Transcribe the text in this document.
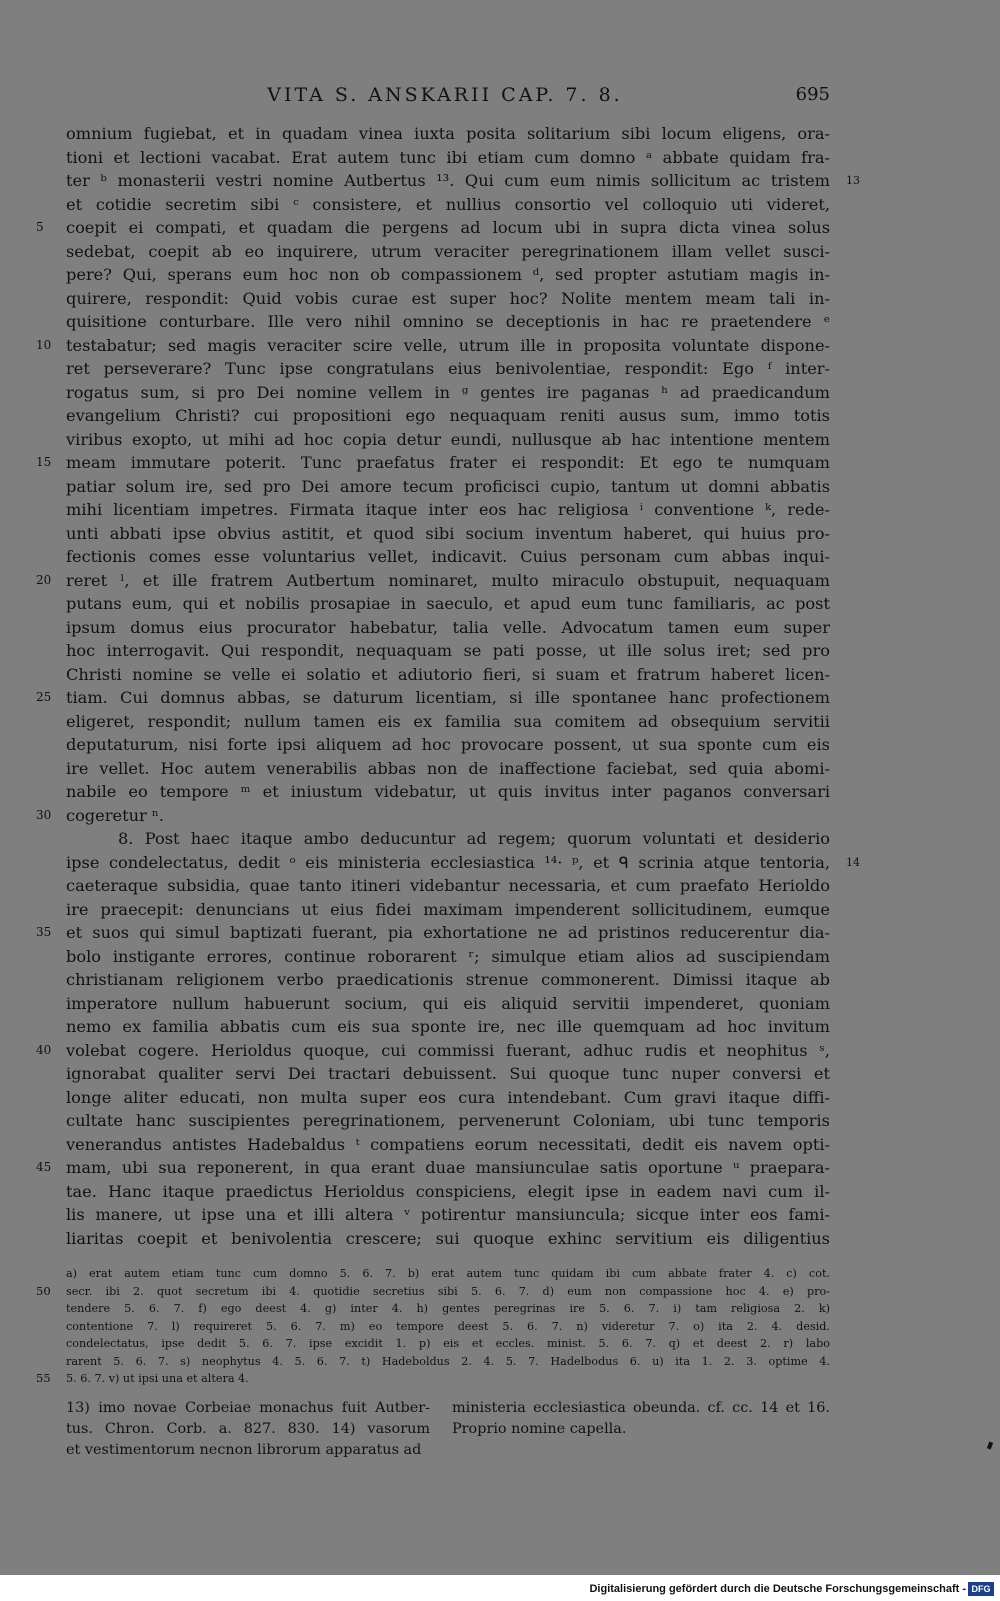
VITA S. ANSKARII CAP. 7. 8.	695
omnium fugiebat, et in quadam vinea iuxta posita solitarium sibi locum eligens, ora-
tioni et lectioni vacabat. Erat autem tunc ibi etiam cum domno ᵃ abbate quidam fra-
ter ᵇ monasterii vestri nomine Autbertus ¹³. Qui cum eum nimis sollicitum ac tristem 13
et cotidie secretim sibi ᶜ consistere, et nullius consortio vel colloquio uti videret,
5	coepit ei compati, et quadam die pergens ad locum ubi in supra dicta vinea solus
sedebat, coepit ab eo inquirere, utrum veraciter peregrinationem illam vellet susci-
pere? Qui, sperans eum hoc non ob compassionem ᵈ, sed propter astutiam magis in-
quirere, respondit: Quid vobis curae est super hoc? Nolite mentem meam tali in-
quisitione conturbare. Ille vero nihil omnino se deceptionis in hac re praetendere ᵉ
10 testabatur; sed magis veraciter scire velle, utrum ille in proposita voluntate dispone-
ret perseverare? Tunc ipse congratulans eius benivolentiae, respondit: Ego ᶠ inter-
rogatus sum, si pro Dei nomine vellem in ᵍ gentes ire paganas ʰ ad praedicandum
evangelium Christi? cui propositioni ego nequaquam reniti ausus sum, immo totis
viribus exopto, ut mihi ad hoc copia detur eundi, nullusque ab hac intentione mentem
15 meam immutare poterit. Tunc praefatus frater ei respondit: Et ego te numquam
patiar solum ire, sed pro Dei amore tecum proficisci cupio, tantum ut domni abbatis
mihi licentiam impetres. Firmata itaque inter eos hac religiosa ⁱ conventione ᵏ, rede-
unti abbati ipse obvius astitit, et quod sibi socium inventum haberet, qui huius pro-
fectionis comes esse voluntarius vellet, indicavit. Cuius personam cum abbas inqui-
20 reret ˡ, et ille fratrem Autbertum nominaret, multo miraculo obstupuit, nequaquam
putans eum, qui et nobilis prosapiae in saeculo, et apud eum tunc familiaris, ac post
ipsum domus eius procurator habebatur, talia velle. Advocatum tamen eum super
hoc interrogavit. Qui respondit, nequaquam se pati posse, ut ille solus iret; sed pro
Christi nomine se velle ei solatio et adiutorio fieri, si suam et fratrum haberet licen-
25 tiam. Cui domnus abbas, se daturum licentiam, si ille spontanee hanc profectionem
eligeret, respondit; nullum tamen eis ex familia sua comitem ad obsequium servitii
deputaturum, nisi forte ipsi aliquem ad hoc provocare possent, ut sua sponte cum eis
ire vellet. Hoc autem venerabilis abbas non de inaffectione faciebat, sed quia abomi-
nabile eo tempore ᵐ et iniustum videbatur, ut quis invitus inter paganos conversari
30 cogeretur ⁿ.
8. Post haec itaque ambo deducuntur ad regem; quorum voluntati et desiderio
ipse condelectatus, dedit ᵒ eis ministeria ecclesiastica ¹⁴· ᵖ, et ᑫ scrinia atque tentoria, 14
caeteraque subsidia, quae tanto itineri videbantur necessaria, et cum praefato Herioldo
ire praecepit: denuncians ut eius fidei maximam impenderent sollicitudinem, eumque
35 et suos qui simul baptizati fuerant, pia exhortatione ne ad pristinos reducerentur dia-
bolo instigante errores, continue roborarent ʳ; simulque etiam alios ad suscipiendam
christianam religionem verbo praedicationis strenue commonerent. Dimissi itaque ab
imperatore nullum habuerunt socium, qui eis aliquid servitii impenderet, quoniam
nemo ex familia abbatis cum eis sua sponte ire, nec ille quemquam ad hoc invitum
40 volebat cogere. Herioldus quoque, cui commissi fuerant, adhuc rudis et neophitus ˢ,
ignorabat qualiter servi Dei tractari debuissent. Sui quoque tunc nuper conversi et
longe aliter educati, non multa super eos cura intendebant. Cum gravi itaque diffi-
cultate hanc suscipientes peregrinationem, pervenerunt Coloniam, ubi tunc temporis
venerandus antistes Hadebaldus ᵗ compatiens eorum necessitati, dedit eis navem opti-
45 mam, ubi sua reponerent, in qua erant duae mansiunculae satis oportune ᵘ praepara-
tae. Hanc itaque praedictus Herioldus conspiciens, elegit ipse in eadem navi cum il-
lis manere, ut ipse una et illi altera ᵛ potirentur mansiuncula; sicque inter eos fami-
liaritas coepit et benivolentia crescere; sui quoque exhinc servitium eis diligentius
a) erat autem etiam tunc cum domno 5. 6. 7. b) erat autem tunc quidam ibi cum abbate frater 4. c) cot.
50 secr. ibi 2. quot secretum ibi 4. quotidie secretius sibi 5. 6. 7. d) eum non compassione hoc 4. e) pro-
tendere 5. 6. 7. f) ego deest 4. g) inter 4. h) gentes peregrinas ire 5. 6. 7. i) tam religiosa 2. k)
contentione 7. l) requireret 5. 6. 7. m) eo tempore deest 5. 6. 7. n) videretur 7. o) ita 2. 4. desid.
condelectatus, ipse dedit 5. 6. 7. ipse excidit 1. p) eis et eccles. minist. 5. 6. 7. q) et deest 2. r) labo
rarent 5. 6. 7. s) neophytus 4. 5. 6. 7. t) Hadeboldus 2. 4. 5. 7. Hadelbodus 6. u) ita 1. 2. 3. optime 4.
55 5. 6. 7. v) ut ipsi una et altera 4.
13) imo novae Corbeiae monachus fuit Autber-
tus. Chron. Corb. a. 827. 830. 14) vasorum
et vestimentorum necnon librorum apparatus ad
ministeria ecclesiastica obeunda. cf. cc. 14 et 16.
Proprio nomine capella.
Digitalisierung gefördert durch die Deutsche Forschungsgemeinschaft - DFG
